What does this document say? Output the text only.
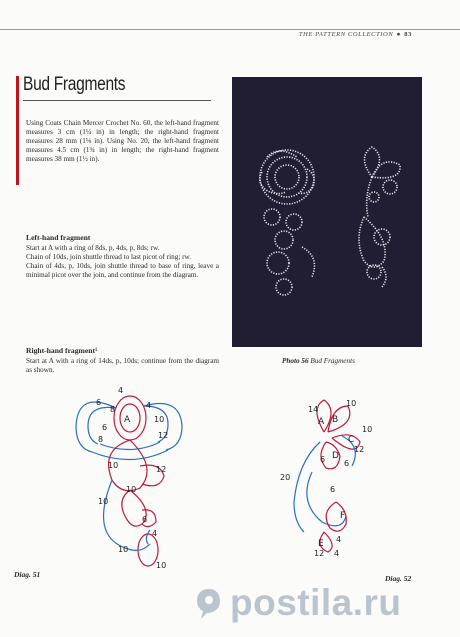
THE PATTERN COLLECTION ● 83
Bud Fragments
Using Coats Chain Mercer Crochet No. 60, the left-hand fragment measures 3 cm (1¼ in) in length; the right-hand fragment measures 28 mm (1⅛ in). Using No. 20, the left-hand fragment measures 4.5 cm (1¾ in) in length; the right-hand fragment measures 38 mm (1½ in).
Left-hand fragment

Start at A with a ring of 8ds, p, 4ds, p, 8ds; rw.

Chain of 10ds, join shuttle thread to last picot of ring; rw.

Chain of 4ds, p, 10ds, join shuttle thread to base of ring, leave a minimal picot over the join, and continue from the diagram.

Right-hand fragment¹

Start at A with a ring of 14ds, p, 10ds; continue from the diagram as shown.

Photo 56 Bud Fragments
4
6
8
A
4
6
8
10
12
10	12
10
10
6
4
10
10
Diag. 51
14
A B
10
C
10
D
12
6 6
20
6
F
E 4
12 4
Diag. 52
postila.ru
